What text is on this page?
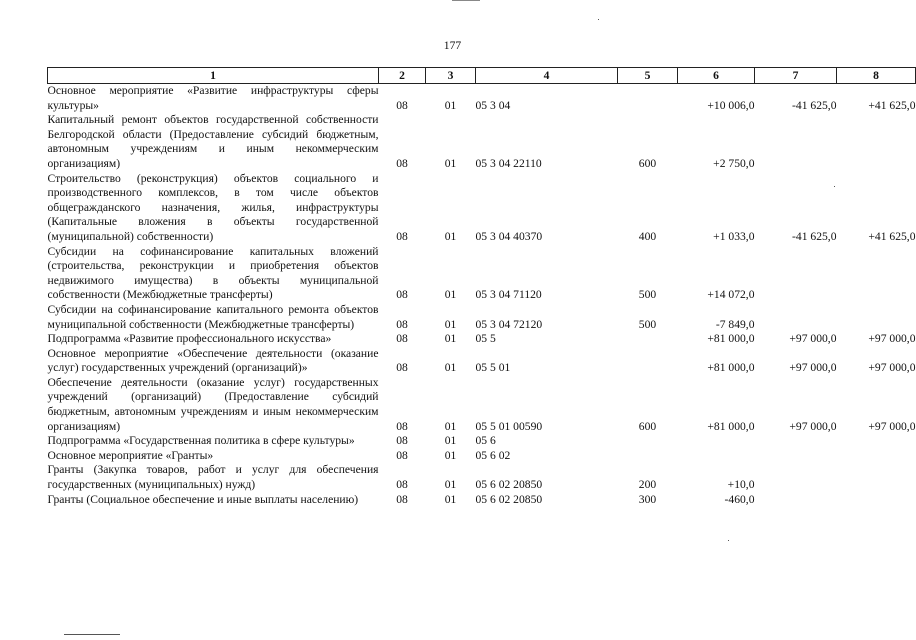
177
1	2	3	4	5	6	7	8
Основное мероприятие «Развитие инфраструктуры сферы культуры»	08	01	05 3 04		+10 006,0	-41 625,0	+41 625,0
Капитальный ремонт объектов государственной собственности Белгородской области (Предоставление субсидий бюджетным, автономным учреждениям и иным некоммерческим организациям)	08	01	05 3 04 22110	600	+2 750,0		
Строительство (реконструкция) объектов социального и производственного комплексов, в том числе объектов общегражданского назначения, жилья, инфраструктуры (Капитальные вложения в объекты государственной (муниципальной) собственности)	08	01	05 3 04 40370	400	+1 033,0	-41 625,0	+41 625,0
Субсидии на софинансирование капитальных вложений (строительства, реконструкции и приобретения объектов недвижимого имущества) в объекты муниципальной собственности (Межбюджетные трансферты)	08	01	05 3 04 71120	500	+14 072,0		
Субсидии на софинансирование капитального ремонта объектов муниципальной собственности (Межбюджетные трансферты)	08	01	05 3 04 72120	500	-7 849,0		
Подпрограмма «Развитие профессионального искусства»	08	01	05 5		+81 000,0	+97 000,0	+97 000,0
Основное мероприятие «Обеспечение деятельности (оказание услуг) государственных учреждений (организаций)»	08	01	05 5 01		+81 000,0	+97 000,0	+97 000,0
Обеспечение деятельности (оказание услуг) государственных учреждений (организаций) (Предоставление субсидий бюджетным, автономным учреждениям и иным некоммерческим организациям)	08	01	05 5 01 00590	600	+81 000,0	+97 000,0	+97 000,0
Подпрограмма «Государственная политика в сфере культуры»	08	01	05 6				
Основное мероприятие «Гранты»	08	01	05 6 02				
Гранты (Закупка товаров, работ и услуг для обеспечения государственных (муниципальных) нужд)	08	01	05 6 02 20850	200	+10,0		
Гранты (Социальное обеспечение и иные выплаты населению)	08	01	05 6 02 20850	300	-460,0		
